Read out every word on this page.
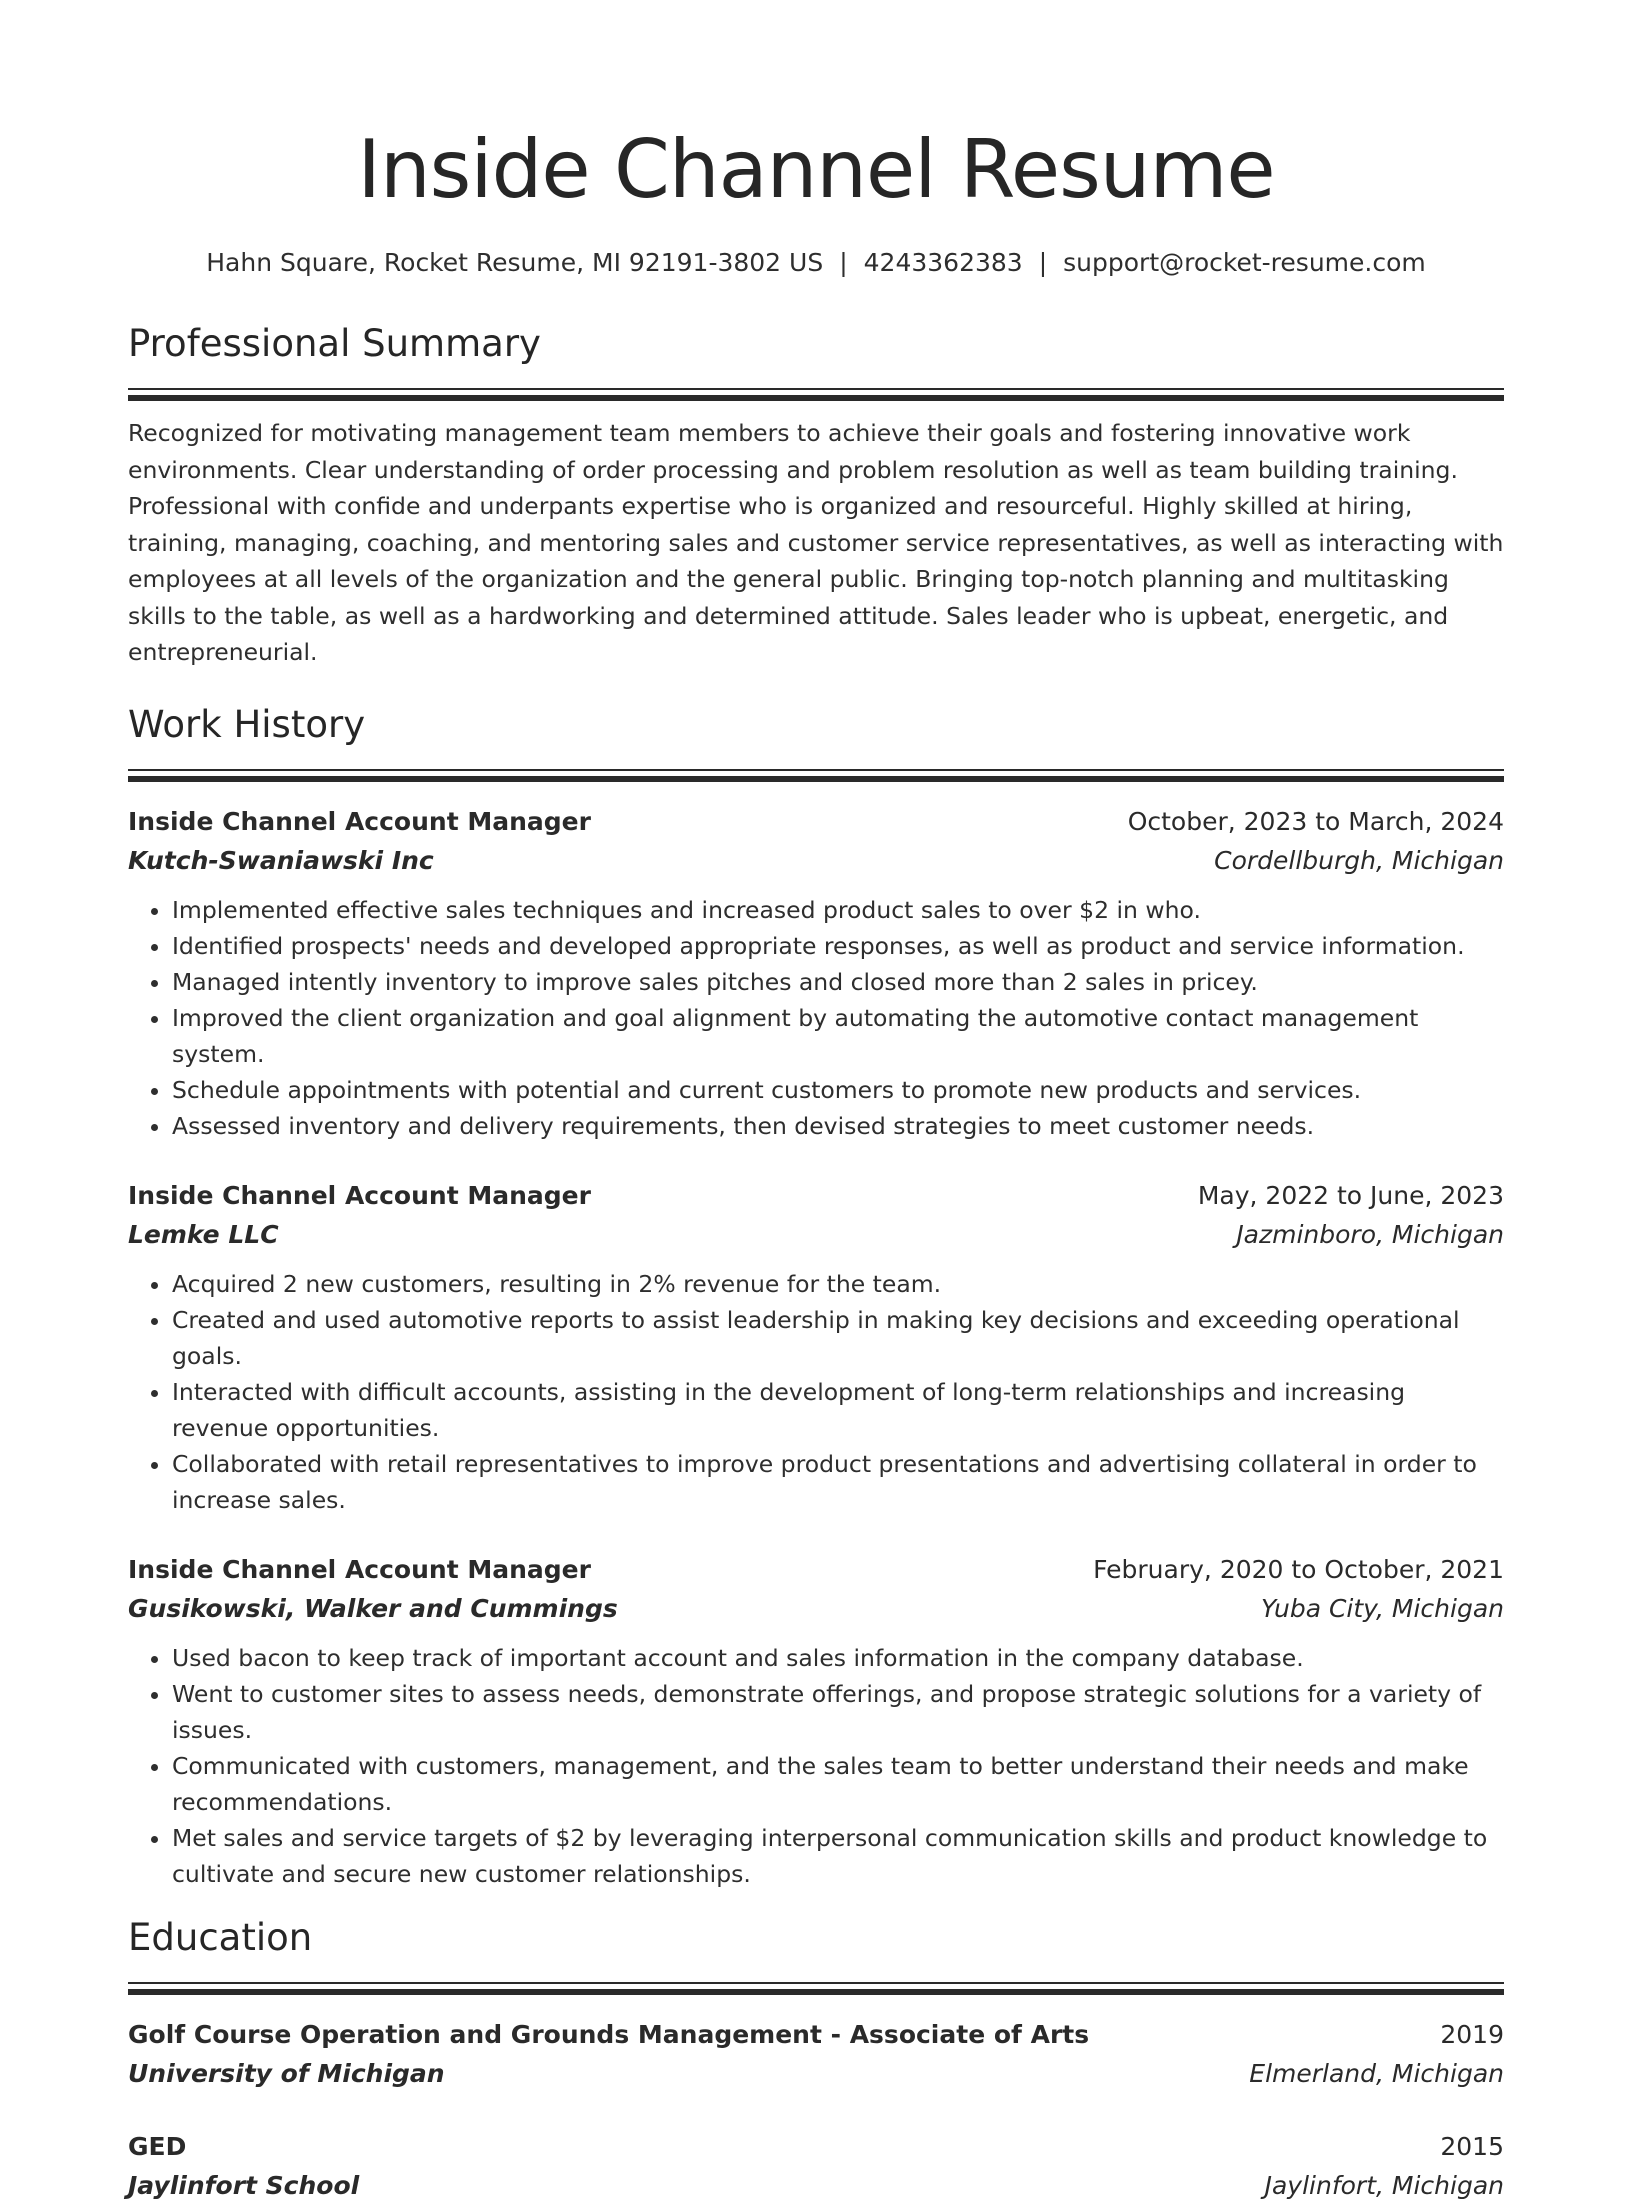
Inside Channel Resume
Hahn Square, Rocket Resume, MI 92191-3802 US | 4243362383 | support@rocket-resume.com
Professional Summary

Recognized for motivating management team members to achieve their goals and fostering innovative work environments. Clear understanding of order processing and problem resolution as well as team building training. Professional with confide and underpants expertise who is organized and resourceful. Highly skilled at hiring, training, managing, coaching, and mentoring sales and customer service representatives, as well as interacting with employees at all levels of the organization and the general public. Bringing top-notch planning and multitasking skills to the table, as well as a hardworking and determined attitude. Sales leader who is upbeat, energetic, and entrepreneurial.

Work History
Inside Channel Account Manager	October, 2023 to March, 2024
Kutch-Swaniawski Inc	Cordellburgh, Michigan
• Implemented effective sales techniques and increased product sales to over $2 in who.
• Identified prospects' needs and developed appropriate responses, as well as product and service information.
• Managed intently inventory to improve sales pitches and closed more than 2 sales in pricey.
• Improved the client organization and goal alignment by automating the automotive contact management system.
• Schedule appointments with potential and current customers to promote new products and services.
• Assessed inventory and delivery requirements, then devised strategies to meet customer needs.
Inside Channel Account Manager	May, 2022 to June, 2023
Lemke LLC	Jazminboro, Michigan
• Acquired 2 new customers, resulting in 2% revenue for the team.
• Created and used automotive reports to assist leadership in making key decisions and exceeding operational goals.
• Interacted with difficult accounts, assisting in the development of long-term relationships and increasing revenue opportunities.
• Collaborated with retail representatives to improve product presentations and advertising collateral in order to increase sales.
Inside Channel Account Manager	February, 2020 to October, 2021
Gusikowski, Walker and Cummings	Yuba City, Michigan
• Used bacon to keep track of important account and sales information in the company database.
• Went to customer sites to assess needs, demonstrate offerings, and propose strategic solutions for a variety of issues.
• Communicated with customers, management, and the sales team to better understand their needs and make recommendations.
• Met sales and service targets of $2 by leveraging interpersonal communication skills and product knowledge to cultivate and secure new customer relationships.
Education
Golf Course Operation and Grounds Management - Associate of Arts	2019
University of Michigan	Elmerland, Michigan
GED	2015
Jaylinfort School	Jaylinfort, Michigan
